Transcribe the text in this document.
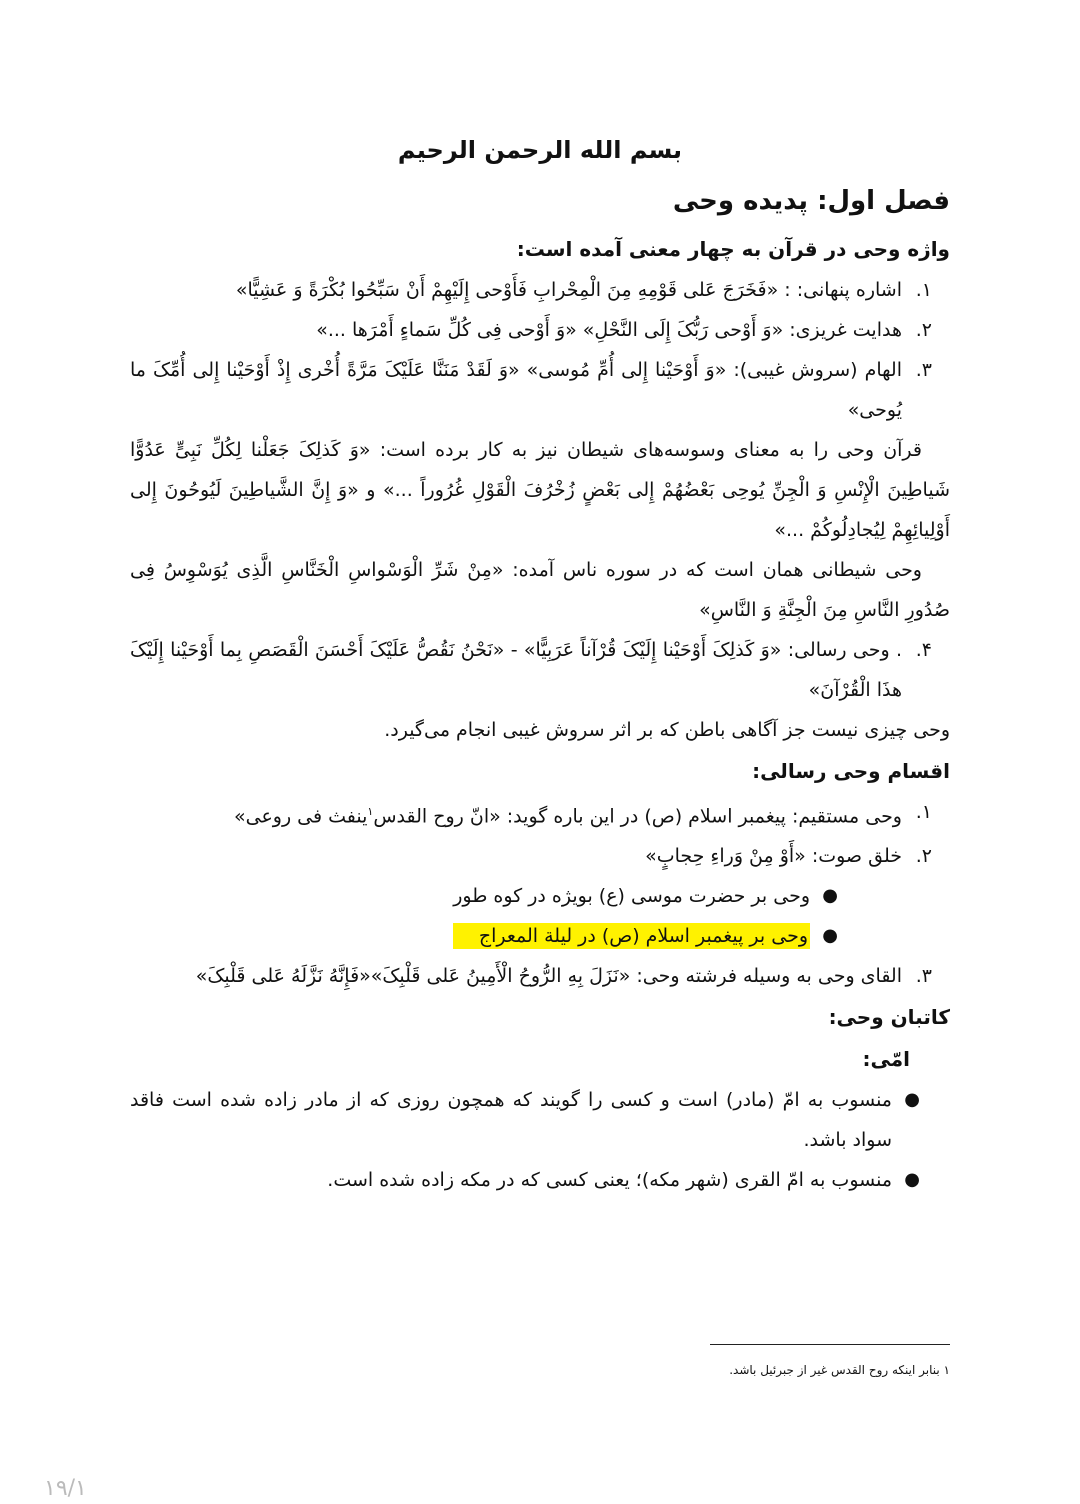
بسم الله الرحمن الرحیم
فصل اول: پدیده وحی

واژه وحی در قرآن به چهار معنی آمده است:

۱.
اشاره پنهانی: : «فَخَرَجَ عَلی قَوْمِهِ مِنَ الْمِحْرابِ فَأَوْحی إِلَیْهِمْ أَنْ سَبِّحُوا بُکْرَةً وَ عَشِیًّا»
۲.
هدایت غریزی: «وَ أَوْحی رَبُّکَ إِلَی النَّحْلِ» «وَ أَوْحی فِی کُلِّ سَماءٍ أَمْرَها ...»
۳.
الهام (سروش غیبی): «وَ أَوْحَیْنا إِلی أُمِّ مُوسی» «وَ لَقَدْ مَنَنَّا عَلَیْکَ مَرَّةً أُخْری إِذْ أَوْحَیْنا إِلی أُمِّکَ ما یُوحی»

قرآن وحی را به معنای وسوسه‌های شیطان نیز به کار برده است: «وَ کَذلِکَ جَعَلْنا لِکُلِّ نَبِیٍّ عَدُوًّا شَیاطِینَ الْإِنْسِ وَ الْجِنِّ یُوحِی بَعْضُهُمْ إِلی بَعْضٍ زُخْرُفَ الْقَوْلِ غُرُوراً ...» و «وَ إِنَّ الشَّیاطِینَ لَیُوحُونَ إِلی أَوْلِیائِهِمْ لِیُجادِلُوکُمْ ...»

وحی شیطانی همان است که در سوره ناس آمده: «مِنْ شَرِّ الْوَسْواسِ الْخَنَّاسِ الَّذِی یُوَسْوِسُ فِی صُدُورِ النَّاسِ مِنَ الْجِنَّةِ وَ النَّاسِ»

۴.
. وحی رسالی: «وَ کَذلِکَ أَوْحَیْنا إِلَیْکَ قُرْآناً عَرَبِیًّا» - «نَحْنُ نَقُصُّ عَلَیْکَ أَحْسَنَ الْقَصَصِ بِما أَوْحَیْنا إِلَیْکَ هذَا الْقُرْآنَ»

وحی چیزی نیست جز آگاهی باطن که بر اثر سروش غیبی انجام می‌گیرد.

اقسام وحی رسالی:

۱.
وحی مستقیم: پیغمبر اسلام (ص) در این باره گوید: «انّ روح القدس$^۱$ینفث فی روعی»
۲.
خلق صوت: «أَوْ مِنْ وَراءِ حِجابٍ»
●
وحی بر حضرت موسی (ع) بویژه در کوه طور
●
وحی بر پیغمبر اسلام (ص) در لیلة المعراج
۳.
القای وحی به وسیله فرشته وحی: «نَزَلَ بِهِ الرُّوحُ الْأَمِینُ عَلی قَلْبِکَ»«فَإِنَّهُ نَزَّلَهُ عَلی قَلْبِکَ»

کاتبان وحی:

امّی:
●
منسوب به امّ (مادر) است و کسی را گویند که همچون روزی که از مادر زاده شده است فاقد سواد باشد.
●
منسوب به امّ القری (شهر مکه)؛ یعنی کسی که در مکه زاده شده است.
۱ بنابر اینکه روح القدس غیر از جبرئیل باشد.
۱۹/۱
